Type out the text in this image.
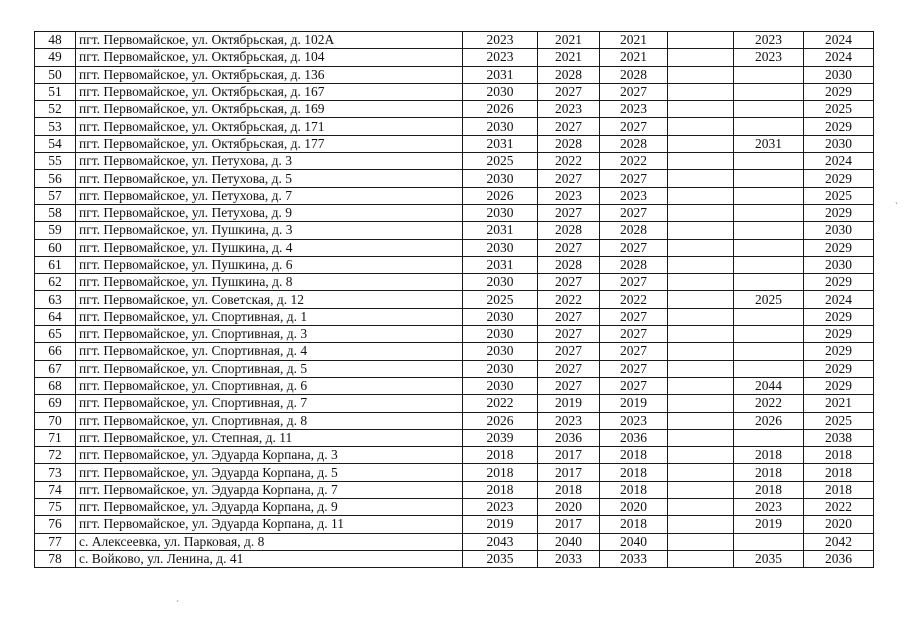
48	пгт. Первомайское, ул. Октябрьская, д. 102А	2023	2021	2021		2023	2024
49	пгт. Первомайское, ул. Октябрьская, д. 104	2023	2021	2021		2023	2024
50	пгт. Первомайское, ул. Октябрьская, д. 136	2031	2028	2028			2030
51	пгт. Первомайское, ул. Октябрьская, д. 167	2030	2027	2027			2029
52	пгт. Первомайское, ул. Октябрьская, д. 169	2026	2023	2023			2025
53	пгт. Первомайское, ул. Октябрьская, д. 171	2030	2027	2027			2029
54	пгт. Первомайское, ул. Октябрьская, д. 177	2031	2028	2028		2031	2030
55	пгт. Первомайское, ул. Петухова, д. 3	2025	2022	2022			2024
56	пгт. Первомайское, ул. Петухова, д. 5	2030	2027	2027			2029
57	пгт. Первомайское, ул. Петухова, д. 7	2026	2023	2023			2025
58	пгт. Первомайское, ул. Петухова, д. 9	2030	2027	2027			2029
59	пгт. Первомайское, ул. Пушкина, д. 3	2031	2028	2028			2030
60	пгт. Первомайское, ул. Пушкина, д. 4	2030	2027	2027			2029
61	пгт. Первомайское, ул. Пушкина, д. 6	2031	2028	2028			2030
62	пгт. Первомайское, ул. Пушкина, д. 8	2030	2027	2027			2029
63	пгт. Первомайское, ул. Советская, д. 12	2025	2022	2022		2025	2024
64	пгт. Первомайское, ул. Спортивная, д. 1	2030	2027	2027			2029
65	пгт. Первомайское, ул. Спортивная, д. 3	2030	2027	2027			2029
66	пгт. Первомайское, ул. Спортивная, д. 4	2030	2027	2027			2029
67	пгт. Первомайское, ул. Спортивная, д. 5	2030	2027	2027			2029
68	пгт. Первомайское, ул. Спортивная, д. 6	2030	2027	2027		2044	2029
69	пгт. Первомайское, ул. Спортивная, д. 7	2022	2019	2019		2022	2021
70	пгт. Первомайское, ул. Спортивная, д. 8	2026	2023	2023		2026	2025
71	пгт. Первомайское, ул. Степная, д. 11	2039	2036	2036			2038
72	пгт. Первомайское, ул. Эдуарда Корпана, д. 3	2018	2017	2018		2018	2018
73	пгт. Первомайское, ул. Эдуарда Корпана, д. 5	2018	2017	2018		2018	2018
74	пгт. Первомайское, ул. Эдуарда Корпана, д. 7	2018	2018	2018		2018	2018
75	пгт. Первомайское, ул. Эдуарда Корпана, д. 9	2023	2020	2020		2023	2022
76	пгт. Первомайское, ул. Эдуарда Корпана, д. 11	2019	2017	2018		2019	2020
77	с. Алексеевка, ул. Парковая, д. 8	2043	2040	2040			2042
78	с. Войково, ул. Ленина, д. 41	2035	2033	2033		2035	2036
`
´
